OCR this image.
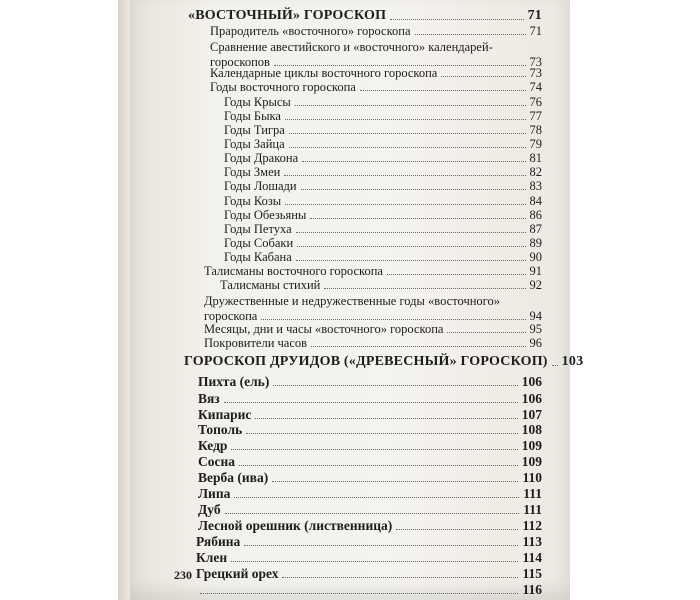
«ВОСТОЧНЫЙ» ГОРОСКОП	71
Прародитель «восточного» гороскопа	71
Сравнение авестийского и «восточного» календарей-
гороскопов	73
Календарные циклы восточного гороскопа	73
Годы восточного гороскопа	74
Годы Крысы	76
Годы Быка	77
Годы Тигра	78
Годы Зайца	79
Годы Дракона	81
Годы Змеи	82
Годы Лошади	83
Годы Козы	84
Годы Обезьяны	86
Годы Петуха	87
Годы Собаки	89
Годы Кабана	90
Талисманы восточного гороскопа	91
Талисманы стихий	92
Дружественные и недружественные годы «восточного»
гороскопа	94
Месяцы, дни и часы «восточного» гороскопа	95
Покровители часов	96
ГОРОСКОП ДРУИДОВ («ДРЕВЕСНЫЙ» ГОРОСКОП) 103
Пихта (ель)	106
Вяз	106
Кипарис	107
Тополь	108
Кедр	109
Сосна	109
Верба (ива)	110
Липа	111
Дуб	111
Лесной орешник (лиственница)	112
Рябина	113
Клен	114
Грецкий орех	115
116
230
